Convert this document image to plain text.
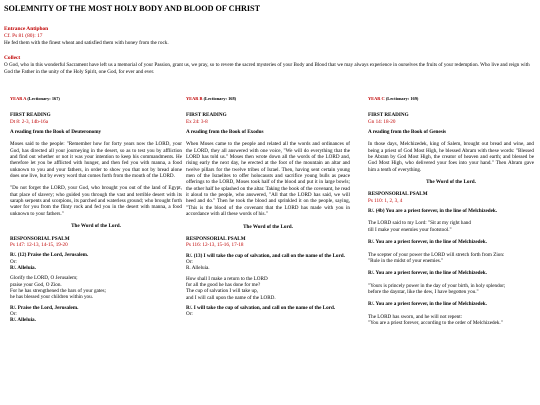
SOLEMNITY OF THE MOST HOLY BODY AND BLOOD OF CHRIST
Entrance Antiphon
Cf. Ps 81 (80): 17
He fed them with the finest wheat and satisfied them with honey from the rock.
Collect
O God, who in this wonderful Sacrament have left us a memorial of your Passion, grant us, we pray, so to revere the sacred mysteries of your Body and Blood that we may always experience in ourselves the fruits of your redemption. Who live and reign with God the Father in the unity of the Holy Spirit, one God, for ever and ever.
YEAR A (Lectionary: 167)
FIRST READING
Dt 8: 2-3, 14b-16a

A reading from the Book of Deuteronomy

Moses said to the people: "Remember how for forty years now the LORD, your God, has directed all your journeying in the desert, so as to test you by affliction and find out whether or not it was your intention to keep his commandments. He therefore let you be afflicted with hunger, and then fed you with manna, a food unknown to you and your fathers, in order to show you that not by bread alone does one live, but by every word that comes forth from the mouth of the LORD.

"Do not forget the LORD, your God, who brought you out of the land of Egypt, that place of slavery; who guided you through the vast and terrible desert with its saraph serpents and scorpions, its parched and waterless ground; who brought forth water for you from the flinty rock and fed you in the desert with manna, a food unknown to your fathers."

The Word of the Lord.

RESPONSORIAL PSALM
Ps 147: 12-13, 14-15, 19-20
R/. (12) Praise the Lord, Jerusalem.
Or:
R/. Alleluia.
Glorify the LORD, O Jerusalem;
praise your God, O Zion.
For he has strengthened the bars of your gates;
he has blessed your children within you.
R/. Praise the Lord, Jerusalem.
Or:
R/. Alleluia.
YEAR B (Lectionary: 168)
FIRST READING
Ex 24: 3-8

A reading from the Book of Exodus

When Moses came to the people and related all the words and ordinances of the LORD, they all answered with one voice, "We will do everything that the LORD has told us." Moses then wrote down all the words of the LORD and, rising early the next day, he erected at the foot of the mountain an altar and twelve pillars for the twelve tribes of Israel. Then, having sent certain young men of the Israelites to offer holocausts and sacrifice young bulls as peace offerings to the LORD, Moses took half of the blood and put it in large bowls; the other half he splashed on the altar. Taking the book of the covenant, he read it aloud to the people, who answered, "All that the LORD has said, we will heed and do." Then he took the blood and sprinkled it on the people, saying, "This is the blood of the covenant that the LORD has made with you in accordance with all these words of his."

The Word of the Lord.

RESPONSORIAL PSALM
Ps 116: 12-13, 15-16, 17-18
R/. (13) I will take the cup of salvation, and call on the name of the Lord.
Or:
R. Alleluia.
How shall I make a return to the LORD
for all the good he has done for me?
The cup of salvation I will take up,
and I will call upon the name of the LORD.
R/. I will take the cup of salvation, and call on the name of the Lord.
Or:
YEAR C (Lectionary: 169)
FIRST READING
Gn 14: 18-20

A reading from the Book of Genesis

In those days, Melchizedek, king of Salem, brought out bread and wine, and being a priest of God Most High, he blessed Abram with these words: "Blessed be Abram by God Most High, the creator of heaven and earth; and blessed be God Most High, who delivered your foes into your hand." Then Abram gave him a tenth of everything.

The Word of the Lord.

RESPONSORIAL PSALM
Ps 110: 1, 2, 3, 4

R/. (4b) You are a priest forever, in the line of Melchizedek.

The LORD said to my Lord: "Sit at my right hand

till I make your enemies your footstool."

R/. You are a priest forever, in the line of Melchizedek.

The scepter of your power the LORD will stretch forth from Zion:

"Rule in the midst of your enemies."

R/. You are a priest forever, in the line of Melchizedek.

"Yours is princely power in the day of your birth, in holy splendor;

before the daystar, like the dew, I have begotten you."

R/. You are a priest forever, in the line of Melchizedek.

The LORD has sworn, and he will not repent:
"You are a priest forever, according to the order of Melchizedek."
